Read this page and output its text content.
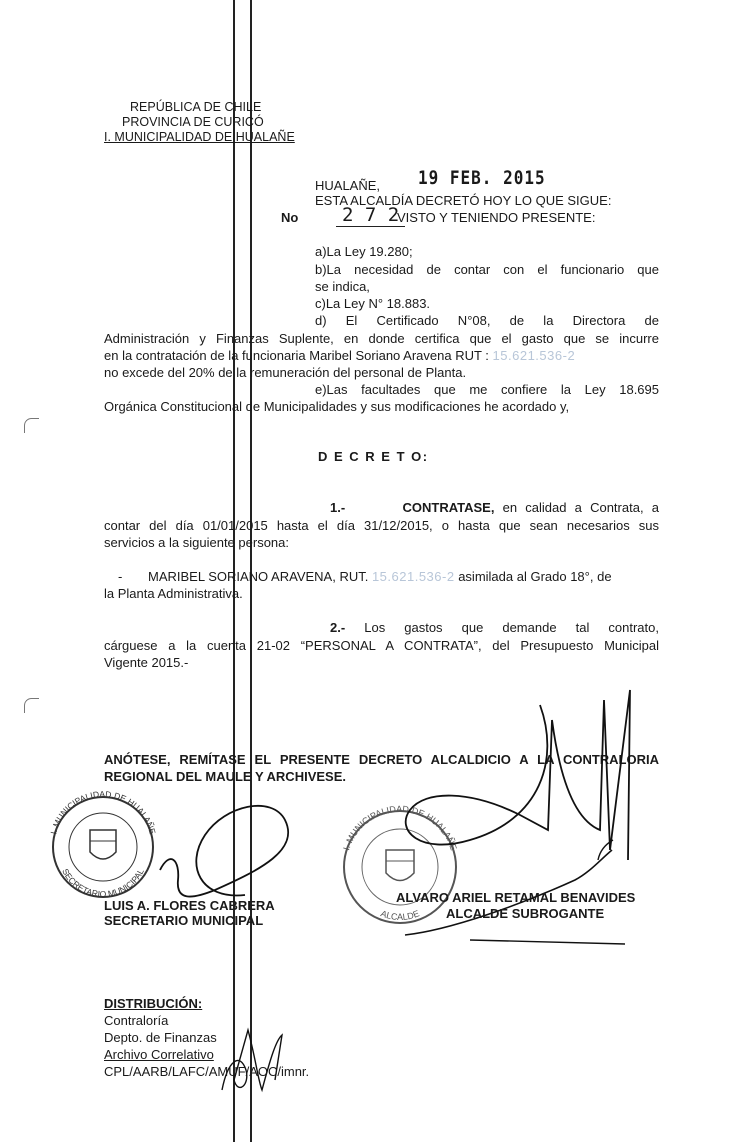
REPÚBLICA DE CHILE
PROVINCIA DE CURICÓ
I. MUNICIPALIDAD DE HUALAÑE
HUALAÑE, 19 FEB. 2015
ESTA ALCALDÍA DECRETÓ HOY LO QUE SIGUE:
No	2 7 2
VISTO Y TENIENDO PRESENTE:
a)La Ley 19.280;
b)La necesidad de contar con el funcionario que
se indica,
c)La Ley N° 18.883.
d) El Certificado N°08, de la Directora de
Administración y Finanzas Suplente, en donde certifica que el gasto que se incurre
en la contratación de la funcionaria Maribel Soriano Aravena RUT : 15.621.536-2
no excede del 20% de la remuneración del personal de Planta.
e)Las facultades que me confiere la Ley 18.695
Orgánica Constitucional de Municipalidades y sus modificaciones he acordado y,
D E C R E T O:
1.-	CONTRATASE, en calidad a Contrata, a
contar del día 01/01/2015 hasta el día 31/12/2015, o hasta que sean necesarios sus
servicios a la siguiente persona:
- MARIBEL SORIANO ARAVENA, RUT. 15.621.536-2 asimilada al Grado 18°, de
la Planta Administrativa.
2.- Los gastos que demande tal contrato,
cárguese a la cuenta 21-02 “PERSONAL A CONTRATA”, del Presupuesto Municipal
Vigente 2015.-
ANÓTESE, REMÍTASE EL PRESENTE DECRETO ALCALDICIO A LA CONTRALORIA
REGIONAL DEL MAULE Y ARCHIVESE.
I. MUNICIPALIDAD DE HUALAÑE
SECRETARIO MUNICIPAL
I. MUNICIPALIDAD DE HUALAÑE
ALCALDE
LUIS A. FLORES CABRERA
SECRETARIO MUNICIPAL
ALVARO ARIEL RETAMAL BENAVIDES
ALCALDE SUBROGANTE
DISTRIBUCIÓN:
Contraloría
Depto. de Finanzas
Archivo Correlativo
CPL/AARB/LAFC/AMUF/AOC/imnr.
